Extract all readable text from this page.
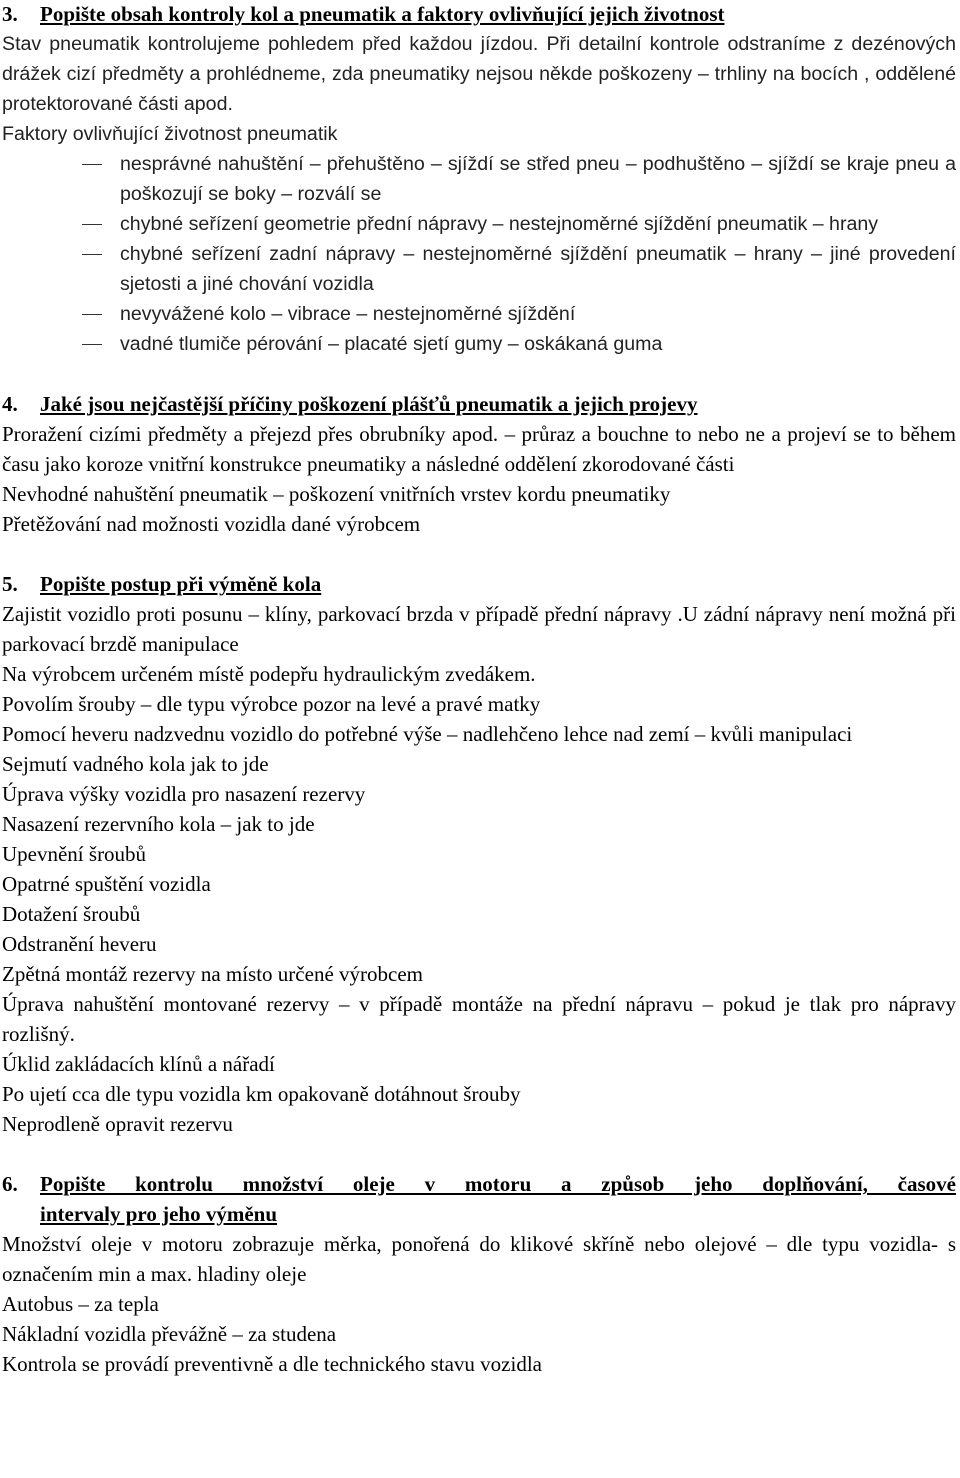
3.	Popište obsah kontroly kol a pneumatik a faktory ovlivňující jejich životnost

Stav pneumatik kontrolujeme pohledem před každou jízdou. Při detailní kontrole odstraníme z dezénových drážek cizí předměty a prohlédneme, zda pneumatiky nejsou někde poškozeny – trhliny na bocích , oddělené protektorované části apod.

Faktory ovlivňující životnost pneumatik

nesprávné nahuštění – přehuštěno – sjíždí se střed pneu – podhuštěno – sjíždí se kraje pneu a poškozují se boky – rozválí se
chybné seřízení geometrie přední nápravy – nestejnoměrné sjíždění pneumatik – hrany
chybné seřízení zadní nápravy – nestejnoměrné sjíždění pneumatik – hrany – jiné provedení sjetosti a jiné chování vozidla
nevyvážené kolo – vibrace – nestejnoměrné sjíždění
vadné tlumiče pérování – placaté sjetí gumy – oskákaná guma
4.	Jaké jsou nejčastější příčiny poškození plášťů pneumatik a jejich projevy

Proražení cizími předměty a přejezd přes obrubníky apod. – průraz a bouchne to nebo ne a projeví se to během času jako koroze vnitřní konstrukce pneumatiky a následné oddělení zkorodované části

Nevhodné nahuštění pneumatik – poškození vnitřních vrstev kordu pneumatiky

Přetěžování nad možnosti vozidla dané výrobcem

5.	Popište postup při výměně kola

Zajistit vozidlo proti posunu – klíny, parkovací brzda v případě přední nápravy .U zádní nápravy není možná při parkovací brzdě manipulace

Na výrobcem určeném místě podepřu hydraulickým zvedákem.

Povolím šrouby – dle typu výrobce pozor na levé a pravé matky

Pomocí heveru nadzvednu vozidlo do potřebné výše – nadlehčeno lehce nad zemí – kvůli manipulaci

Sejmutí vadného kola jak to jde

Úprava výšky vozidla pro nasazení rezervy

Nasazení rezervního kola – jak to jde

Upevnění šroubů

Opatrné spuštění vozidla

Dotažení šroubů

Odstranění heveru

Zpětná montáž rezervy na místo určené výrobcem

Úprava nahuštění montované rezervy – v případě montáže na přední nápravu – pokud je tlak pro nápravy rozlišný.

Úklid zakládacích klínů a nářadí

Po ujetí cca dle typu vozidla km opakovaně dotáhnout šrouby

Neprodleně opravit rezervu

6.	Popište kontrolu množství oleje v motoru a způsob jeho doplňování, časové
intervaly pro jeho výměnu

Množství oleje v motoru zobrazuje měrka, ponořená do klikové skříně nebo olejové – dle typu vozidla- s označením min a max. hladiny oleje

Autobus – za tepla

Nákladní vozidla převážně – za studena

Kontrola se provádí preventivně a dle technického stavu vozidla
